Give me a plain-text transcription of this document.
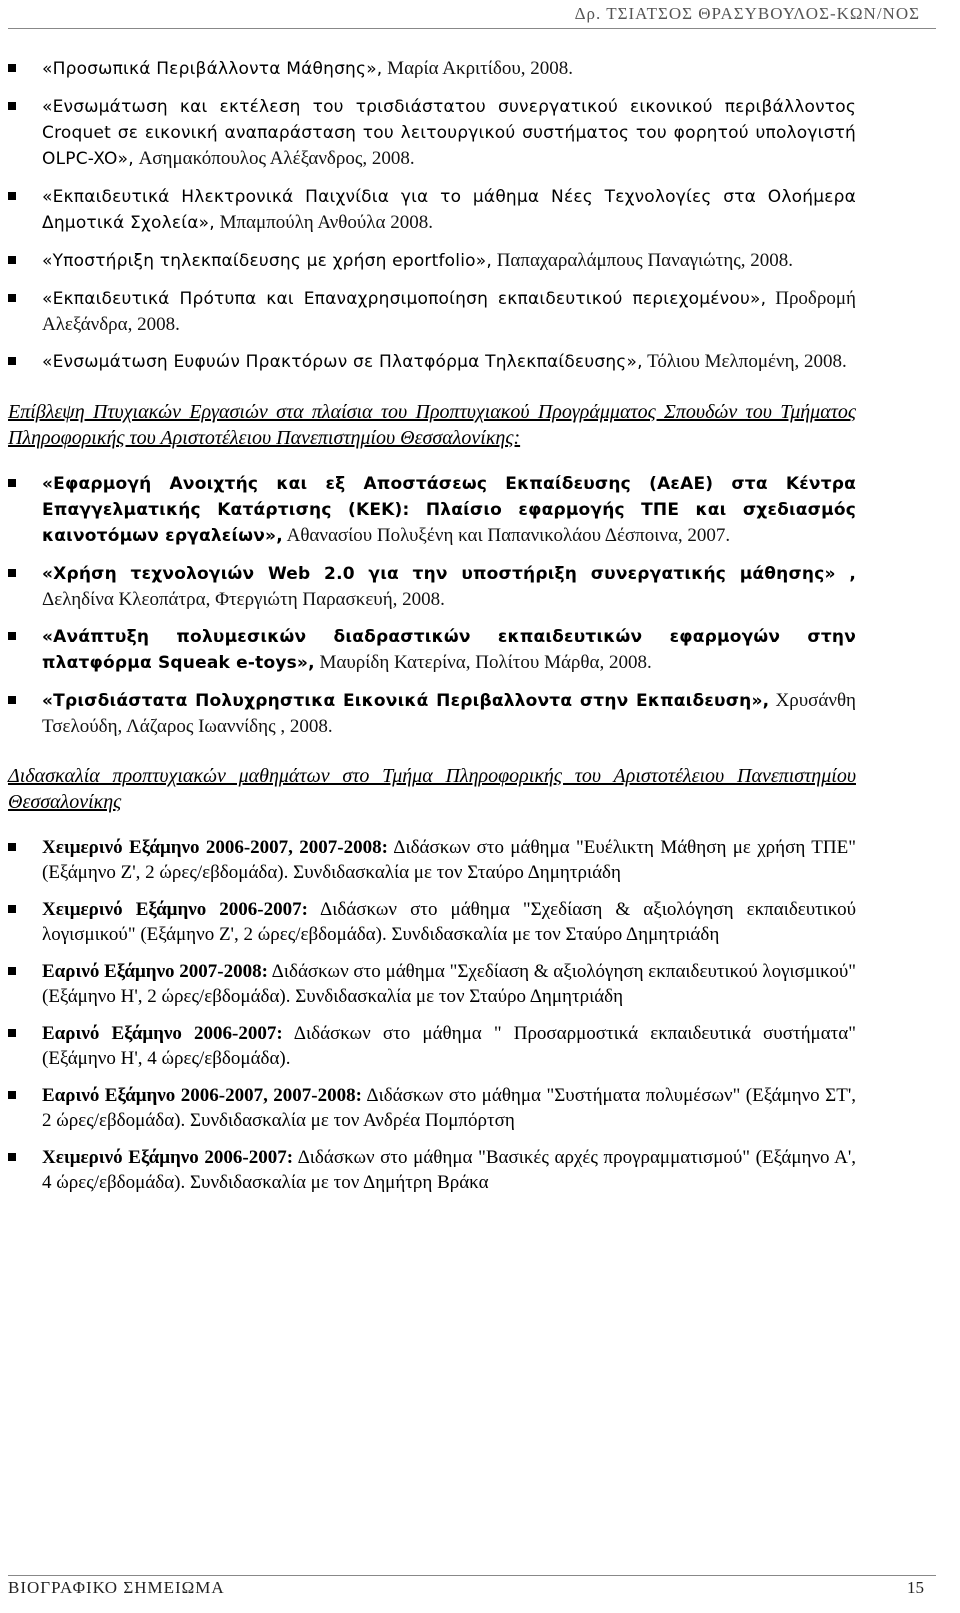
Δρ. ΤΣΙΑΤΣΟΣ ΘΡΑΣΥΒΟΥΛΟΣ-ΚΩΝ/ΝΟΣ
«Προσωπικά Περιβάλλοντα Μάθησης», Μαρία Ακριτίδου, 2008.
«Ενσωμάτωση και εκτέλεση του τρισδιάστατου συνεργατικού εικονικού περιβάλλοντος Croquet σε εικονική αναπαράσταση του λειτουργικού συστήματος του φορητού υπολογιστή OLPC-XO», Ασημακόπουλος Αλέξανδρος, 2008.
«Εκπαιδευτικά Ηλεκτρονικά Παιχνίδια για το μάθημα Νέες Τεχνολογίες στα Ολοήμερα Δημοτικά Σχολεία», Μπαμπούλη Ανθούλα 2008.
«Υποστήριξη τηλεκπαίδευσης με χρήση eportfolio», Παπαχαραλάμπους Παναγιώτης, 2008.
«Εκπαιδευτικά Πρότυπα και Επαναχρησιμοποίηση εκπαιδευτικού περιεχομένου», Προδρομή Αλεξάνδρα, 2008.
«Ενσωμάτωση Ευφυών Πρακτόρων σε Πλατφόρμα Τηλεκπαίδευσης», Τόλιου Μελπομένη, 2008.
Επίβλεψη Πτυχιακών Εργασιών στα πλαίσια του Προπτυχιακού Προγράμματος Σπουδών του Τμήματος Πληροφορικής του Αριστοτέλειου Πανεπιστημίου Θεσσαλονίκης:
«Εφαρμογή Ανοιχτής και εξ Αποστάσεως Εκπαίδευσης (ΑεΑΕ) στα Κέντρα Επαγγελματικής Κατάρτισης (ΚΕΚ): Πλαίσιο εφαρμογής ΤΠΕ και σχεδιασμός καινοτόμων εργαλείων», Αθανασίου Πολυξένη και Παπανικολάου Δέσποινα, 2007.
«Χρήση τεχνολογιών Web 2.0 για την υποστήριξη συνεργατικής μάθησης» , Δεληδίνα Κλεοπάτρα, Φτεργιώτη Παρασκευή, 2008.
«Ανάπτυξη πολυμεσικών διαδραστικών εκπαιδευτικών εφαρμογών στην πλατφόρμα Squeak e-toys», Μαυρίδη Κατερίνα, Πολίτου Μάρθα, 2008.
«Τρισδιάστατα Πολυχρηστικα Εικονικά Περιβαλλοντα στην Εκπαιδευση», Χρυσάνθη Τσελούδη, Λάζαρος Ιωαννίδης , 2008.
Διδασκαλία προπτυχιακών μαθημάτων στο Τμήμα Πληροφορικής του Αριστοτέλειου Πανεπιστημίου Θεσσαλονίκης
Χειμερινό Εξάμηνο 2006-2007, 2007-2008: Διδάσκων στο μάθημα "Ευέλικτη Μάθηση με χρήση ΤΠΕ" (Εξάμηνο Ζ', 2 ώρες/εβδομάδα). Συνδιδασκαλία με τον Σταύρο Δημητριάδη
Χειμερινό Εξάμηνο 2006-2007: Διδάσκων στο μάθημα "Σχεδίαση & αξιολόγηση εκπαιδευτικού λογισμικού" (Εξάμηνο Ζ', 2 ώρες/εβδομάδα). Συνδιδασκαλία με τον Σταύρο Δημητριάδη
Εαρινό Εξάμηνο 2007-2008: Διδάσκων στο μάθημα "Σχεδίαση & αξιολόγηση εκπαιδευτικού λογισμικού" (Εξάμηνο Η', 2 ώρες/εβδομάδα). Συνδιδασκαλία με τον Σταύρο Δημητριάδη
Εαρινό Εξάμηνο 2006-2007: Διδάσκων στο μάθημα " Προσαρμοστικά εκπαιδευτικά συστήματα" (Εξάμηνο Η', 4 ώρες/εβδομάδα).
Εαρινό Εξάμηνο 2006-2007, 2007-2008: Διδάσκων στο μάθημα "Συστήματα πολυμέσων" (Εξάμηνο ΣΤ', 2 ώρες/εβδομάδα). Συνδιδασκαλία με τον Ανδρέα Πομπόρτση
Χειμερινό Εξάμηνο 2006-2007: Διδάσκων στο μάθημα "Βασικές αρχές προγραμματισμού" (Εξάμηνο Α', 4 ώρες/εβδομάδα). Συνδιδασκαλία με τον Δημήτρη Βράκα
ΒΙΟΓΡΑΦΙΚΟ ΣΗΜΕΙΩΜΑ	15
